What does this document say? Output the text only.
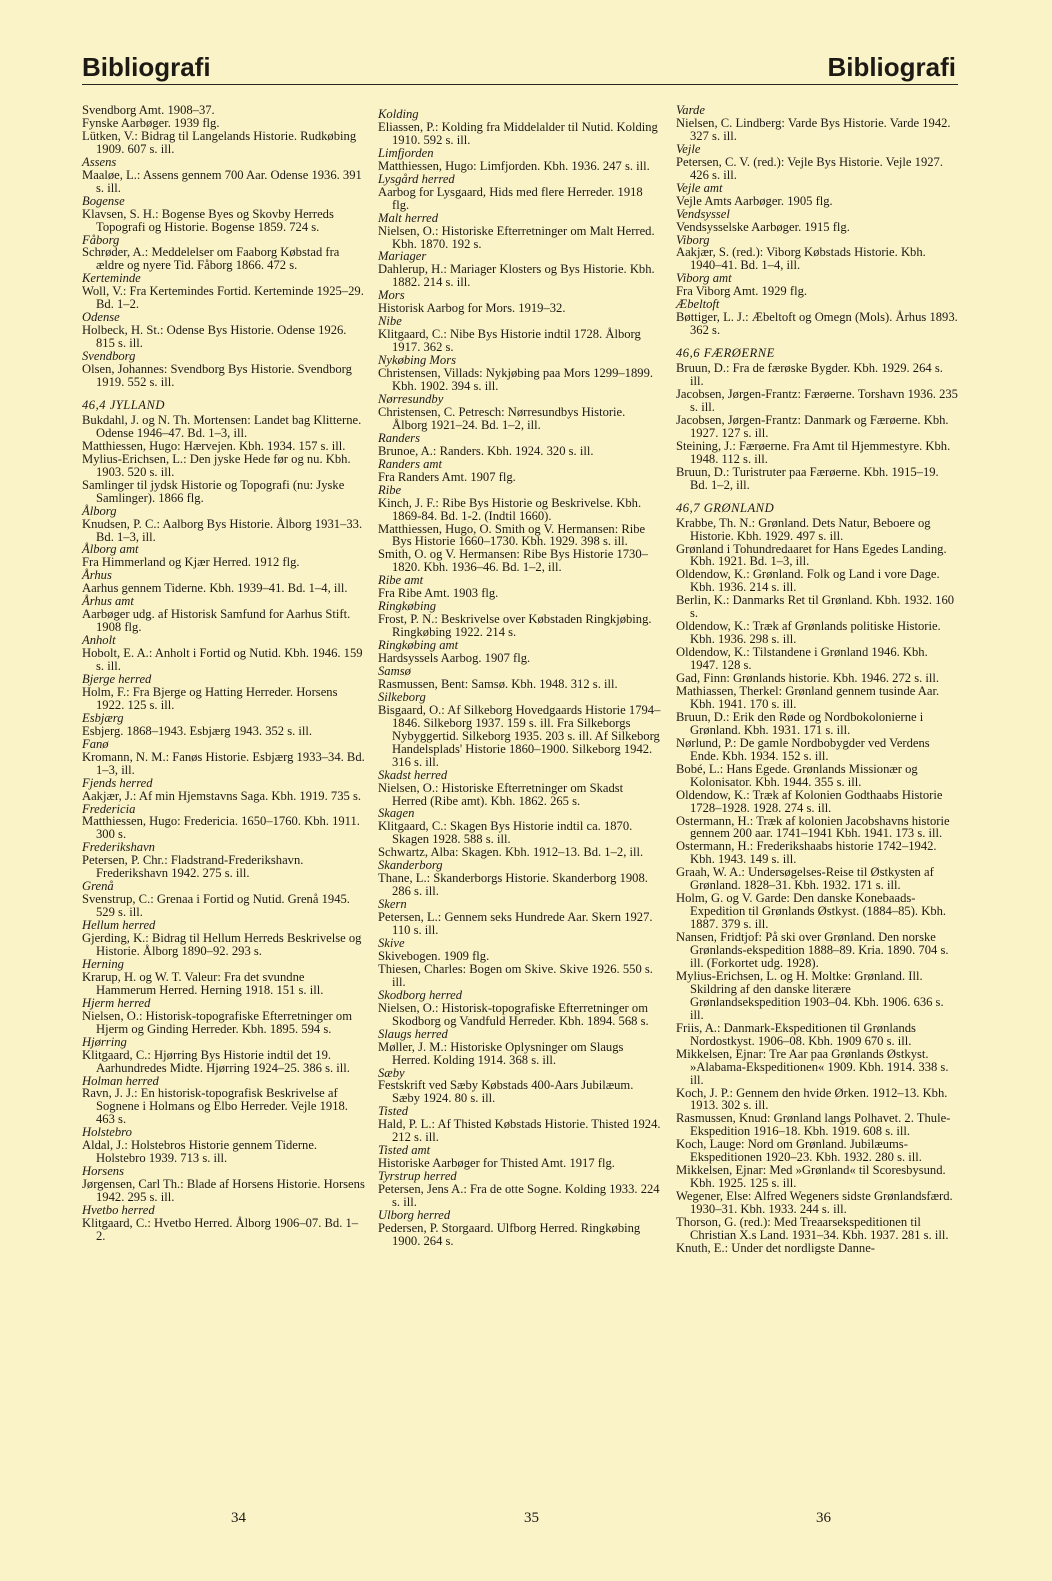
Bibliografi	Bibliografi

Svendborg Amt. 1908–37.

Fynske Aarbøger. 1939 flg.

Lütken, V.: Bidrag til Langelands Historie. Rudkøbing 1909. 607 s. ill.

Assens

Maaløe, L.: Assens gennem 700 Aar. Odense 1936. 391 s. ill.

Bogense

Klavsen, S. H.: Bogense Byes og Skovby Herreds Topografi og Historie. Bogense 1859. 724 s.

Fåborg

Schrøder, A.: Meddelelser om Faaborg Købstad fra ældre og nyere Tid. Fåborg 1866. 472 s.

Kerteminde

Woll, V.: Fra Kertemindes Fortid. Kerteminde 1925–29. Bd. 1–2.

Odense

Holbeck, H. St.: Odense Bys Historie. Odense 1926. 815 s. ill.

Svendborg

Olsen, Johannes: Svendborg Bys Historie. Svendborg 1919. 552 s. ill.

46,4 JYLLAND

Bukdahl, J. og N. Th. Mortensen: Landet bag Klitterne. Odense 1946–47. Bd. 1–3, ill.

Matthiessen, Hugo: Hærvejen. Kbh. 1934. 157 s. ill.

Mylius-Erichsen, L.: Den jyske Hede før og nu. Kbh. 1903. 520 s. ill.

Samlinger til jydsk Historie og Topografi (nu: Jyske Samlinger). 1866 flg.

Ålborg

Knudsen, P. C.: Aalborg Bys Historie. Ålborg 1931–33. Bd. 1–3, ill.

Ålborg amt

Fra Himmerland og Kjær Herred. 1912 flg.

Århus

Aarhus gennem Tiderne. Kbh. 1939–41. Bd. 1–4, ill.

Århus amt

Aarbøger udg. af Historisk Samfund for Aarhus Stift. 1908 flg.

Anholt

Hobolt, E. A.: Anholt i Fortid og Nutid. Kbh. 1946. 159 s. ill.

Bjerge herred

Holm, F.: Fra Bjerge og Hatting Herreder. Horsens 1922. 125 s. ill.

Esbjærg

Esbjerg. 1868–1943. Esbjærg 1943. 352 s. ill.

Fanø

Kromann, N. M.: Fanøs Historie. Esbjærg 1933–34. Bd. 1–3, ill.

Fjends herred

Aakjær, J.: Af min Hjemstavns Saga. Kbh. 1919. 735 s.

Fredericia

Matthiessen, Hugo: Fredericia. 1650–1760. Kbh. 1911. 300 s.

Frederikshavn

Petersen, P. Chr.: Fladstrand-Frederikshavn. Frederikshavn 1942. 275 s. ill.

Grenå

Svenstrup, C.: Grenaa i Fortid og Nutid. Grenå 1945. 529 s. ill.

Hellum herred

Gjerding, K.: Bidrag til Hellum Herreds Beskrivelse og Historie. Ålborg 1890–92. 293 s.

Herning

Krarup, H. og W. T. Valeur: Fra det svundne Hammerum Herred. Herning 1918. 151 s. ill.

Hjerm herred

Nielsen, O.: Historisk-topografiske Efterretninger om Hjerm og Ginding Herreder. Kbh. 1895. 594 s.

Hjørring

Klitgaard, C.: Hjørring Bys Historie indtil det 19. Aarhundredes Midte. Hjørring 1924–25. 386 s. ill.

Holman herred

Ravn, J. J.: En historisk-topografisk Beskrivelse af Sognene i Holmans og Elbo Herreder. Vejle 1918. 463 s.

Holstebro

Aldal, J.: Holstebros Historie gennem Tiderne. Holstebro 1939. 713 s. ill.

Horsens

Jørgensen, Carl Th.: Blade af Horsens Historie. Horsens 1942. 295 s. ill.

Hvetbo herred

Klitgaard, C.: Hvetbo Herred. Ålborg 1906–07. Bd. 1–2.

Kolding

Eliassen, P.: Kolding fra Middelalder til Nutid. Kolding 1910. 592 s. ill.

Limfjorden

Matthiessen, Hugo: Limfjorden. Kbh. 1936. 247 s. ill.

Lysgård herred

Aarbog for Lysgaard, Hids med flere Herreder. 1918 flg.

Malt herred

Nielsen, O.: Historiske Efterretninger om Malt Herred. Kbh. 1870. 192 s.

Mariager

Dahlerup, H.: Mariager Klosters og Bys Historie. Kbh. 1882. 214 s. ill.

Mors

Historisk Aarbog for Mors. 1919–32.

Nibe

Klitgaard, C.: Nibe Bys Historie indtil 1728. Ålborg 1917. 362 s.

Nykøbing Mors

Christensen, Villads: Nykjøbing paa Mors 1299–1899. Kbh. 1902. 394 s. ill.

Nørresundby

Christensen, C. Petresch: Nørresundbys Historie. Ålborg 1921–24. Bd. 1–2, ill.

Randers

Brunoe, A.: Randers. Kbh. 1924. 320 s. ill.

Randers amt

Fra Randers Amt. 1907 flg.

Ribe

Kinch, J. F.: Ribe Bys Historie og Beskrivelse. Kbh. 1869-84. Bd. 1-2. (Indtil 1660).

Matthiessen, Hugo, O. Smith og V. Hermansen: Ribe Bys Historie 1660–1730. Kbh. 1929. 398 s. ill.

Smith, O. og V. Hermansen: Ribe Bys Historie 1730–1820. Kbh. 1936–46. Bd. 1–2, ill.

Ribe amt

Fra Ribe Amt. 1903 flg.

Ringkøbing

Frost, P. N.: Beskrivelse over Købstaden Ringkjøbing. Ringkøbing 1922. 214 s.

Ringkøbing amt

Hardsyssels Aarbog. 1907 flg.

Samsø

Rasmussen, Bent: Samsø. Kbh. 1948. 312 s. ill.

Silkeborg

Bisgaard, O.: Af Silkeborg Hovedgaards Historie 1794–1846. Silkeborg 1937. 159 s. ill. Fra Silkeborgs Nybyggertid. Silkeborg 1935. 203 s. ill. Af Silkeborg Handelsplads' Historie 1860–1900. Silkeborg 1942. 316 s. ill.

Skadst herred

Nielsen, O.: Historiske Efterretninger om Skadst Herred (Ribe amt). Kbh. 1862. 265 s.

Skagen

Klitgaard, C.: Skagen Bys Historie indtil ca. 1870. Skagen 1928. 588 s. ill.

Schwartz, Alba: Skagen. Kbh. 1912–13. Bd. 1–2, ill.

Skanderborg

Thane, L.: Skanderborgs Historie. Skanderborg 1908. 286 s. ill.

Skern

Petersen, L.: Gennem seks Hundrede Aar. Skern 1927. 110 s. ill.

Skive

Skivebogen. 1909 flg.

Thiesen, Charles: Bogen om Skive. Skive 1926. 550 s. ill.

Skodborg herred

Nielsen, O.: Historisk-topografiske Efterretninger om Skodborg og Vandfuld Herreder. Kbh. 1894. 568 s.

Slaugs herred

Møller, J. M.: Historiske Oplysninger om Slaugs Herred. Kolding 1914. 368 s. ill.

Sæby

Festskrift ved Sæby Købstads 400-Aars Jubilæum. Sæby 1924. 80 s. ill.

Tisted

Hald, P. L.: Af Thisted Købstads Historie. Thisted 1924. 212 s. ill.

Tisted amt

Historiske Aarbøger for Thisted Amt. 1917 flg.

Tyrstrup herred

Petersen, Jens A.: Fra de otte Sogne. Kolding 1933. 224 s. ill.

Ulborg herred

Pedersen, P. Storgaard. Ulfborg Herred. Ringkøbing 1900. 264 s.

Varde

Nielsen, C. Lindberg: Varde Bys Historie. Varde 1942. 327 s. ill.

Vejle

Petersen, C. V. (red.): Vejle Bys Historie. Vejle 1927. 426 s. ill.

Vejle amt

Vejle Amts Aarbøger. 1905 flg.

Vendsyssel

Vendsysselske Aarbøger. 1915 flg.

Viborg

Aakjær, S. (red.): Viborg Købstads Historie. Kbh. 1940–41. Bd. 1–4, ill.

Viborg amt

Fra Viborg Amt. 1929 flg.

Æbeltoft

Bøttiger, L. J.: Æbeltoft og Omegn (Mols). Århus 1893. 362 s.

46,6 FÆRØERNE

Bruun, D.: Fra de færøske Bygder. Kbh. 1929. 264 s. ill.

Jacobsen, Jørgen-Frantz: Færøerne. Torshavn 1936. 235 s. ill.

Jacobsen, Jørgen-Frantz: Danmark og Færøerne. Kbh. 1927. 127 s. ill.

Steining, J.: Færøerne. Fra Amt til Hjemmestyre. Kbh. 1948. 112 s. ill.

Bruun, D.: Turistruter paa Færøerne. Kbh. 1915–19. Bd. 1–2, ill.

46,7 GRØNLAND

Krabbe, Th. N.: Grønland. Dets Natur, Beboere og Historie. Kbh. 1929. 497 s. ill.

Grønland i Tohundredaaret for Hans Egedes Landing. Kbh. 1921. Bd. 1–3, ill.

Oldendow, K.: Grønland. Folk og Land i vore Dage. Kbh. 1936. 214 s. ill.

Berlin, K.: Danmarks Ret til Grønland. Kbh. 1932. 160 s.

Oldendow, K.: Træk af Grønlands politiske Historie. Kbh. 1936. 298 s. ill.

Oldendow, K.: Tilstandene i Grønland 1946. Kbh. 1947. 128 s.

Gad, Finn: Grønlands historie. Kbh. 1946. 272 s. ill.

Mathiassen, Therkel: Grønland gennem tusinde Aar. Kbh. 1941. 170 s. ill.

Bruun, D.: Erik den Røde og Nordbokolonierne i Grønland. Kbh. 1931. 171 s. ill.

Nørlund, P.: De gamle Nordbobygder ved Verdens Ende. Kbh. 1934. 152 s. ill.

Bobé, L.: Hans Egede. Grønlands Missionær og Kolonisator. Kbh. 1944. 355 s. ill.

Oldendow, K.: Træk af Kolonien Godthaabs Historie 1728–1928. 1928. 274 s. ill.

Ostermann, H.: Træk af kolonien Jacobshavns historie gennem 200 aar. 1741–1941 Kbh. 1941. 173 s. ill.

Ostermann, H.: Frederikshaabs historie 1742–1942. Kbh. 1943. 149 s. ill.

Graah, W. A.: Undersøgelses-Reise til Østkysten af Grønland. 1828–31. Kbh. 1932. 171 s. ill.

Holm, G. og V. Garde: Den danske Konebaads-Expedition til Grønlands Østkyst. (1884–85). Kbh. 1887. 379 s. ill.

Nansen, Fridtjof: På ski over Grønland. Den norske Grønlands-ekspedition 1888–89. Kria. 1890. 704 s. ill. (Forkortet udg. 1928).

Mylius-Erichsen, L. og H. Moltke: Grønland. Ill. Skildring af den danske literære Grønlandsekspedition 1903–04. Kbh. 1906. 636 s. ill.

Friis, A.: Danmark-Ekspeditionen til Grønlands Nordostkyst. 1906–08. Kbh. 1909 670 s. ill.

Mikkelsen, Ejnar: Tre Aar paa Grønlands Østkyst. »Alabama-Ekspeditionen« 1909. Kbh. 1914. 338 s. ill.

Koch, J. P.: Gennem den hvide Ørken. 1912–13. Kbh. 1913. 302 s. ill.

Rasmussen, Knud: Grønland langs Polhavet. 2. Thule-Ekspedition 1916–18. Kbh. 1919. 608 s. ill.

Koch, Lauge: Nord om Grønland. Jubilæums-Ekspeditionen 1920–23. Kbh. 1932. 280 s. ill.

Mikkelsen, Ejnar: Med »Grønland« til Scoresbysund. Kbh. 1925. 125 s. ill.

Wegener, Else: Alfred Wegeners sidste Grønlandsfærd. 1930–31. Kbh. 1933. 244 s. ill.

Thorson, G. (red.): Med Treaarsekspeditionen til Christian X.s Land. 1931–34. Kbh. 1937. 281 s. ill.

Knuth, E.: Under det nordligste Danne-

34	35	36
